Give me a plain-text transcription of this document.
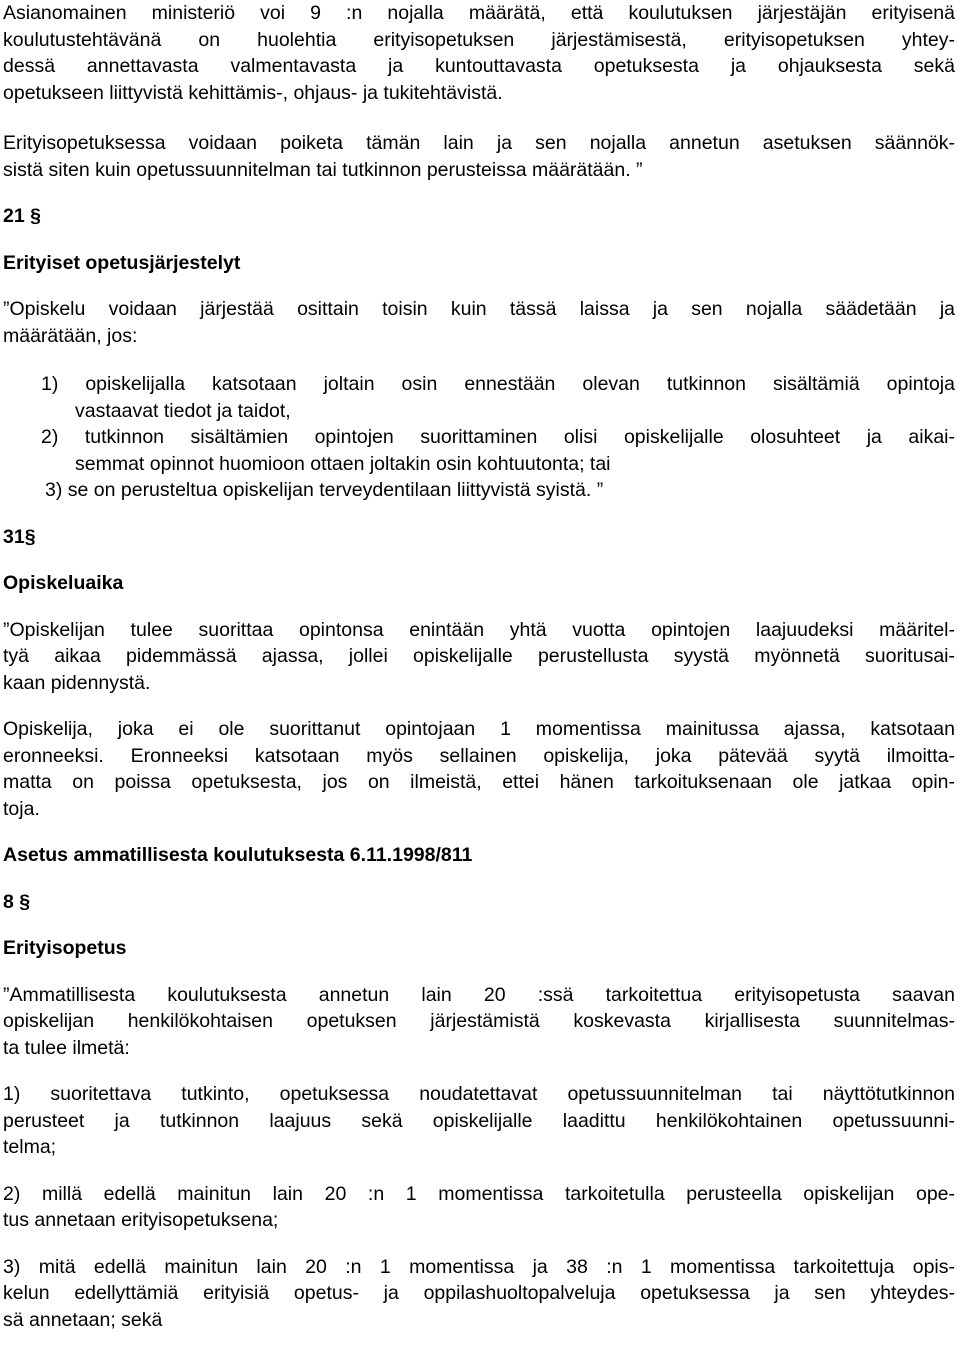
Asianomainen ministeriö voi 9 :n nojalla määrätä, että koulutuksen järjestäjän erityisenä
koulutustehtävänä on huolehtia erityisopetuksen järjestämisestä, erityisopetuksen yhtey-
dessä annettavasta valmentavasta ja kuntouttavasta opetuksesta ja ohjauksesta sekä
opetukseen liittyvistä kehittämis-, ohjaus- ja tukitehtävistä.

Erityisopetuksessa voidaan poiketa tämän lain ja sen nojalla annetun asetuksen säännök-
sistä siten kuin opetussuunnitelman tai tutkinnon perusteissa määrätään. ”

21 §

Erityiset opetusjärjestelyt

”Opiskelu voidaan järjestää osittain toisin kuin tässä laissa ja sen nojalla säädetään ja
määrätään, jos:

1) opiskelijalla katsotaan joltain osin ennestään olevan tutkinnon sisältämiä opintoja
vastaavat tiedot ja taidot,
2) tutkinnon sisältämien opintojen suorittaminen olisi opiskelijalle olosuhteet ja aikai-
semmat opinnot huomioon ottaen joltakin osin kohtuutonta; tai
3) se on perusteltua opiskelijan terveydentilaan liittyvistä syistä. ”

31§

Opiskeluaika

”Opiskelijan tulee suorittaa opintonsa enintään yhtä vuotta opintojen laajuudeksi määritel-
tyä aikaa pidemmässä ajassa, jollei opiskelijalle perustellusta syystä myönnetä suoritusai-
kaan pidennystä.

Opiskelija, joka ei ole suorittanut opintojaan 1 momentissa mainitussa ajassa, katsotaan
eronneeksi. Eronneeksi katsotaan myös sellainen opiskelija, joka pätevää syytä ilmoitta-
matta on poissa opetuksesta, jos on ilmeistä, ettei hänen tarkoituksenaan ole jatkaa opin-
toja.

Asetus ammatillisesta koulutuksesta 6.11.1998/811

8 §

Erityisopetus

”Ammatillisesta koulutuksesta annetun lain 20 :ssä tarkoitettua erityisopetusta saavan
opiskelijan henkilökohtaisen opetuksen järjestämistä koskevasta kirjallisesta suunnitelmas-
ta tulee ilmetä:

1) suoritettava tutkinto, opetuksessa noudatettavat opetussuunnitelman tai näyttötutkinnon
perusteet ja tutkinnon laajuus sekä opiskelijalle laadittu henkilökohtainen opetussuunni-
telma;

2) millä edellä mainitun lain 20 :n 1 momentissa tarkoitetulla perusteella opiskelijan ope-
tus annetaan erityisopetuksena;

3) mitä edellä mainitun lain 20 :n 1 momentissa ja 38 :n 1 momentissa tarkoitettuja opis-
kelun edellyttämiä erityisiä opetus- ja oppilashuoltopalveluja opetuksessa ja sen yhteydes-
sä annetaan; sekä
